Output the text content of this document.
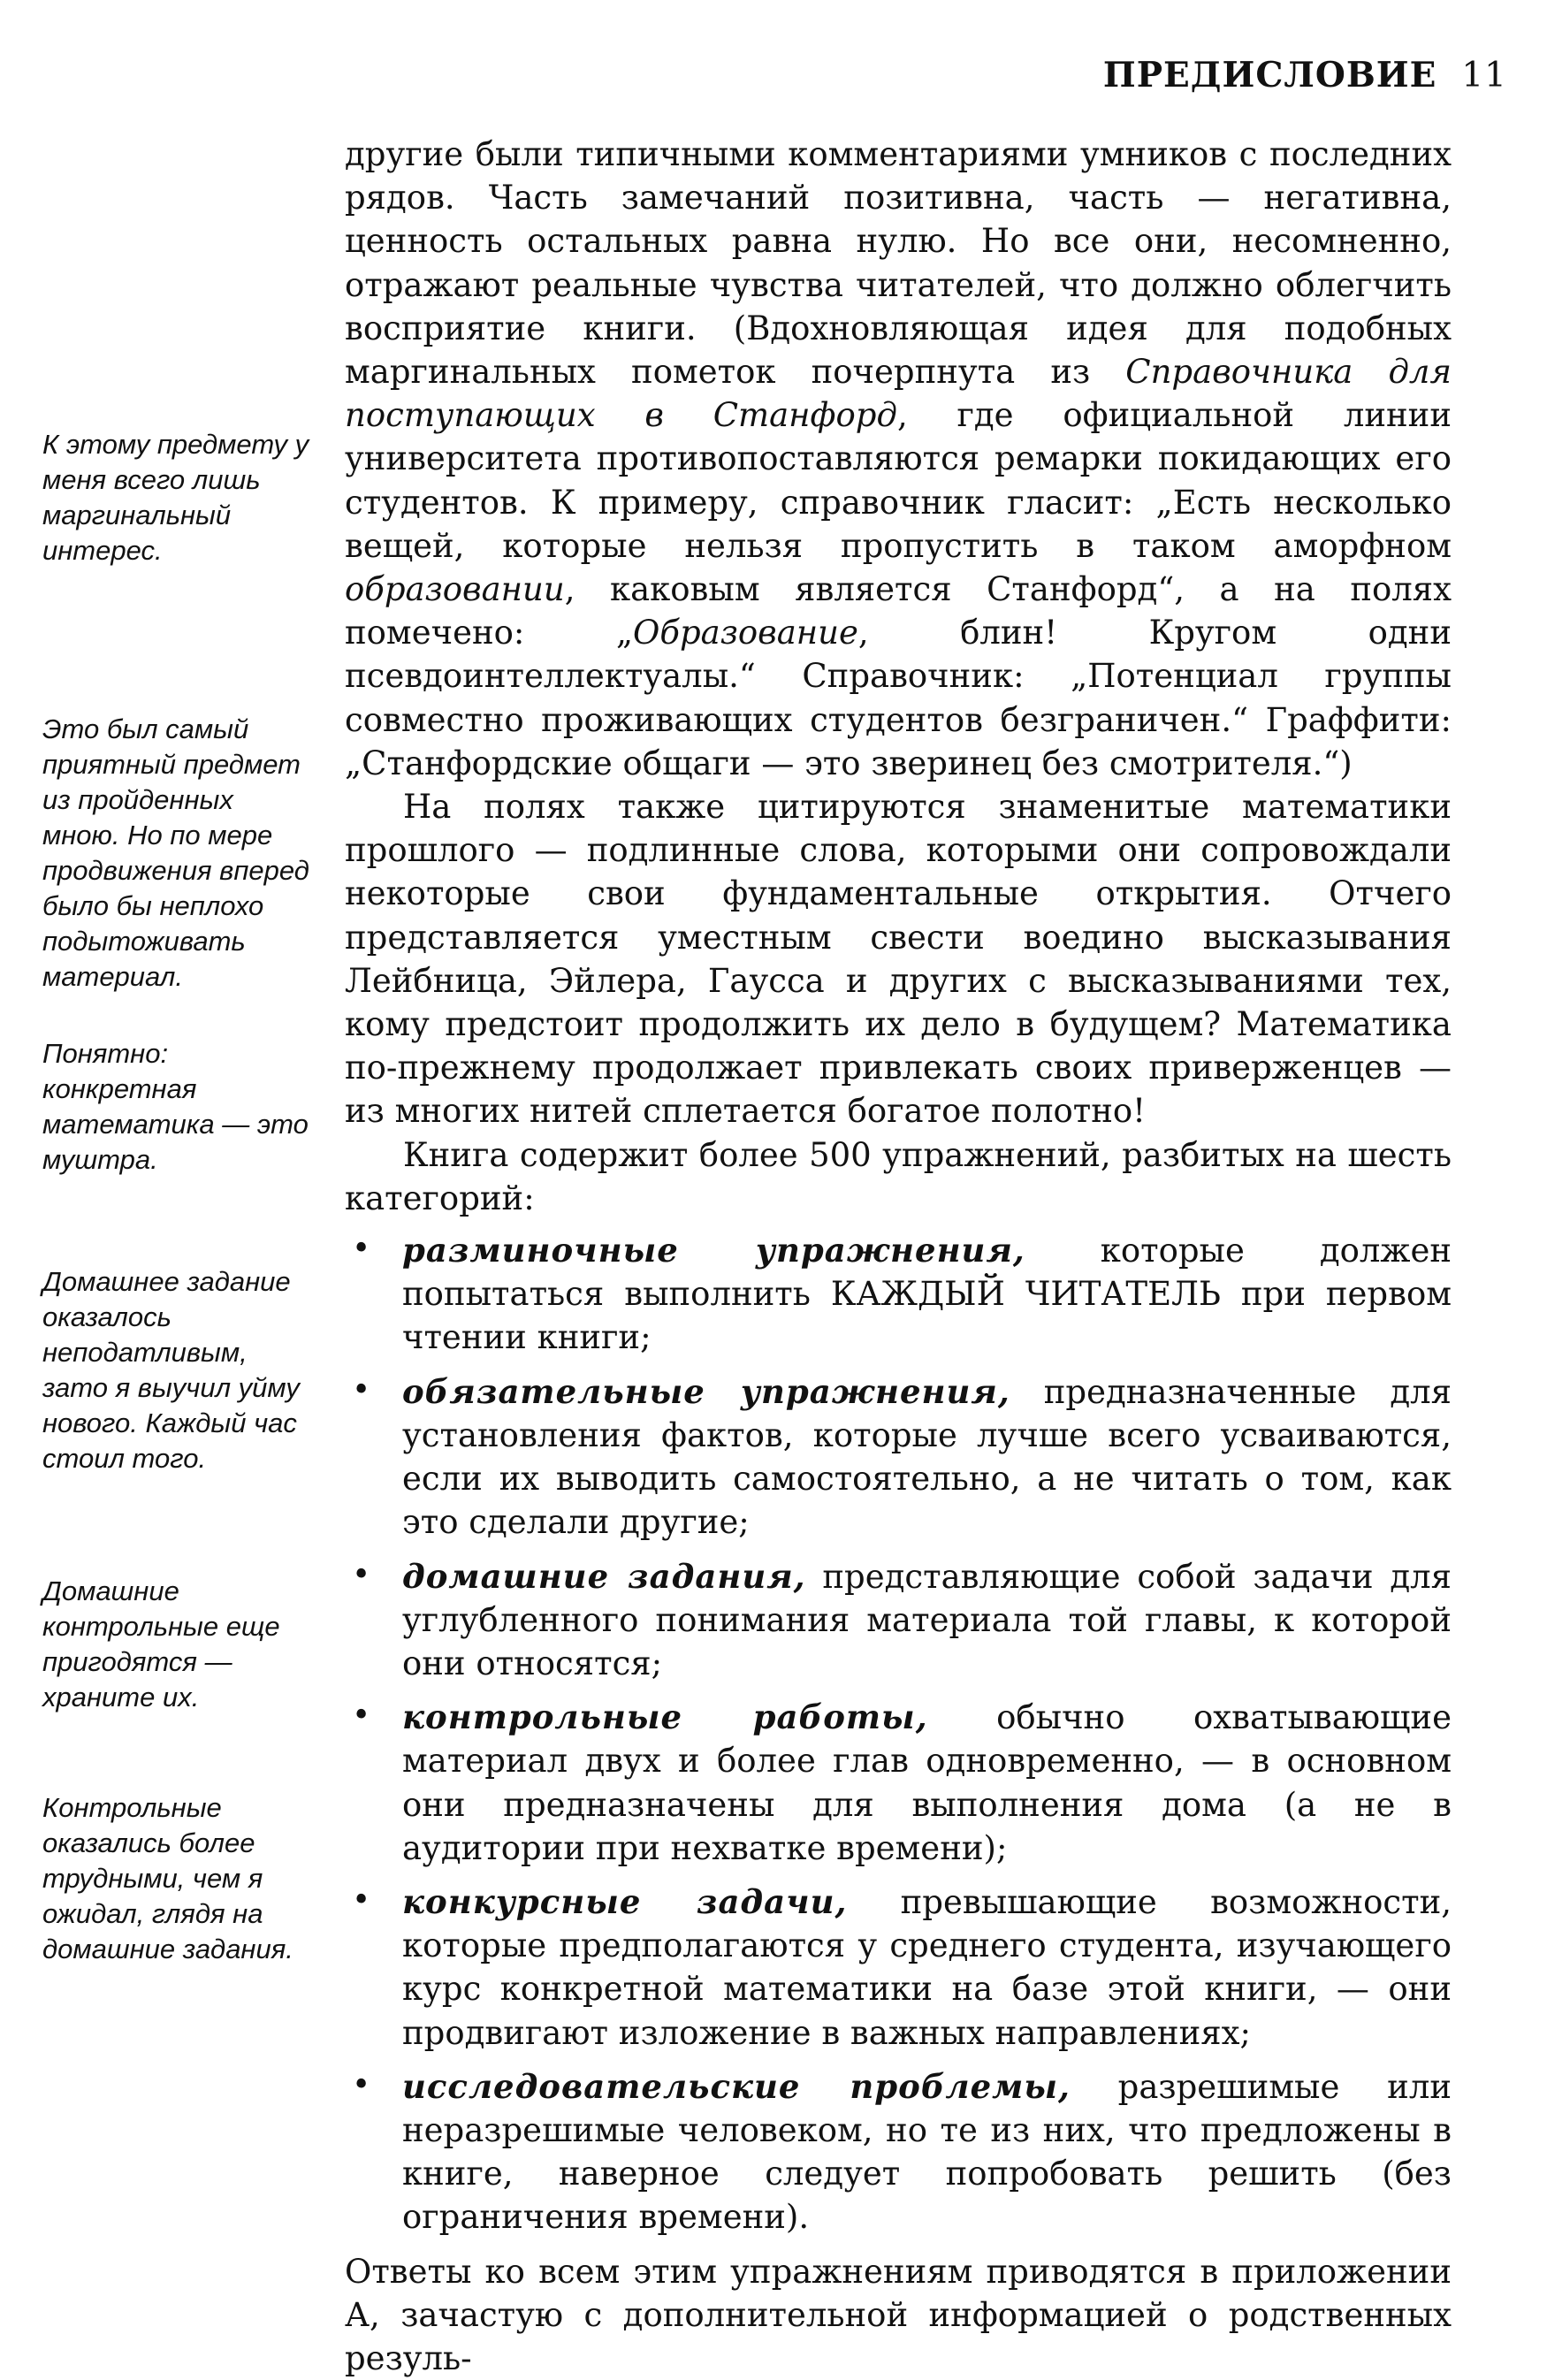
ПРЕДИСЛОВИЕ 11
К этому предмету у меня всего лишь маргинальный интерес.
Это был самый приятный предмет из пройденных мною. Но по мере продвижения вперед было бы неплохо подытоживать материал.
Понятно: конкретная математика — это муштра.
Домашнее задание оказалось неподатливым, зато я выучил уйму нового. Каждый час стоил того.
Домашние контрольные еще пригодятся — храните их.
Контрольные оказались более трудными, чем я ожидал, глядя на домашние задания.

другие были типичными комментариями умников с последних рядов. Часть замечаний позитивна, часть — негативна, ценность остальных равна нулю. Но все они, несомненно, отражают реальные чувства читателей, что должно облегчить восприятие книги. (Вдохновляющая идея для подобных маргинальных пометок почерпнута из Справочника для поступающих в Станфорд, где официальной линии университета противопоставляются ремарки покидающих его студентов. К примеру, справочник гласит: „Есть несколько вещей, которые нельзя пропустить в таком аморфном образовании, каковым является Станфорд“, а на полях помечено: „Образование, блин! Кругом одни псевдоинтеллектуалы.“ Справочник: „Потенциал группы совместно проживающих студентов безграничен.“ Граффити: „Станфордские общаги — это зверинец без смотрителя.“)

На полях также цитируются знаменитые математики прошлого — подлинные слова, которыми они сопровождали некоторые свои фундаментальные открытия. Отчего представляется уместным свести воедино высказывания Лейбница, Эйлера, Гаусса и других с высказываниями тех, кому предстоит продолжить их дело в будущем? Математика по-прежнему продолжает привлекать своих приверженцев — из многих нитей сплетается богатое полотно!

Книга содержит более 500 упражнений, разбитых на шесть категорий:

• разминочные упражнения, которые должен попытаться выполнить КАЖДЫЙ ЧИТАТЕЛЬ при первом чтении книги;
• обязательные упражнения, предназначенные для установления фактов, которые лучше всего усваиваются, если их выводить самостоятельно, а не читать о том, как это сделали другие;
• домашние задания, представляющие собой задачи для углубленного понимания материала той главы, к которой они относятся;
• контрольные работы, обычно охватывающие материал двух и более глав одновременно, — в основном они предназначены для выполнения дома (а не в аудитории при нехватке времени);
• конкурсные задачи, превышающие возможности, которые предполагаются у среднего студента, изучающего курс конкретной математики на базе этой книги, — они продвигают изложение в важных направлениях;
• исследовательские проблемы, разрешимые или неразрешимые человеком, но те из них, что предложены в книге, наверное следует попробовать решить (без ограничения времени).

Ответы ко всем этим упражнениям приводятся в приложении А, зачастую с дополнительной информацией о родственных резуль-
